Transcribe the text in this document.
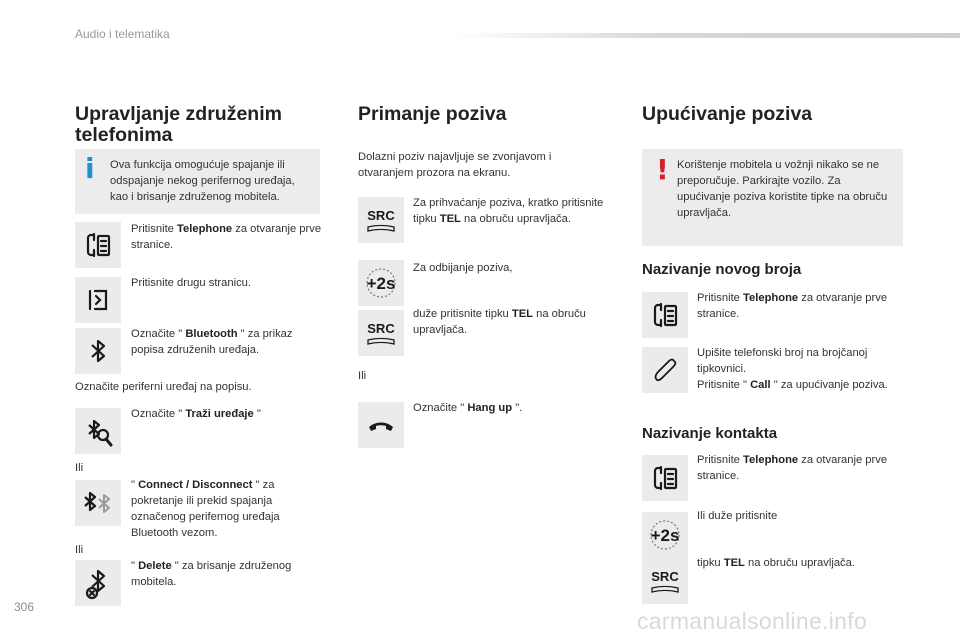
Audio i telematika
Upravljanje združenim telefonima
i Ova funkcija omogućuje spajanje ili odspajanje nekog perifernog uređaja, kao i brisanje združenog mobitela.
Pritisnite Telephone za otvaranje prve stranice.
Pritisnite drugu stranicu.
Označite " Bluetooth " za prikaz popisa združenih uređaja.
Označite periferni uređaj na popisu.
Označite " Traži uređaje "
Ili
" Connect / Disconnect " za pokretanje ili prekid spajanja označenog perifernog uređaja Bluetooth vezom.
Ili
" Delete " za brisanje združenog mobitela.
Primanje poziva
Dolazni poziv najavljuje se zvonjavom i otvaranjem prozora na ekranu.
SRC
Za prihvaćanje poziva, kratko pritisnite tipku TEL na obruču upravljača.
+2s
Za odbijanje poziva,
SRC
duže pritisnite tipku TEL na obruču upravljača.
Ili
Označite " Hang up ".
Upućivanje poziva
! Korištenje mobitela u vožnji nikako se ne preporučuje. Parkirajte vozilo. Za upućivanje poziva koristite tipke na obruču upravljača.
Nazivanje novog broja
Pritisnite Telephone za otvaranje prve stranice.
Upišite telefonski broj na brojčanoj tipkovnici.
Pritisnite " Call " za upućivanje poziva.
Nazivanje kontakta
Pritisnite Telephone za otvaranje prve stranice.
+2s
Ili duže pritisnite
SRC
tipku TEL na obruču upravljača.
306
carmanualsonline.info
